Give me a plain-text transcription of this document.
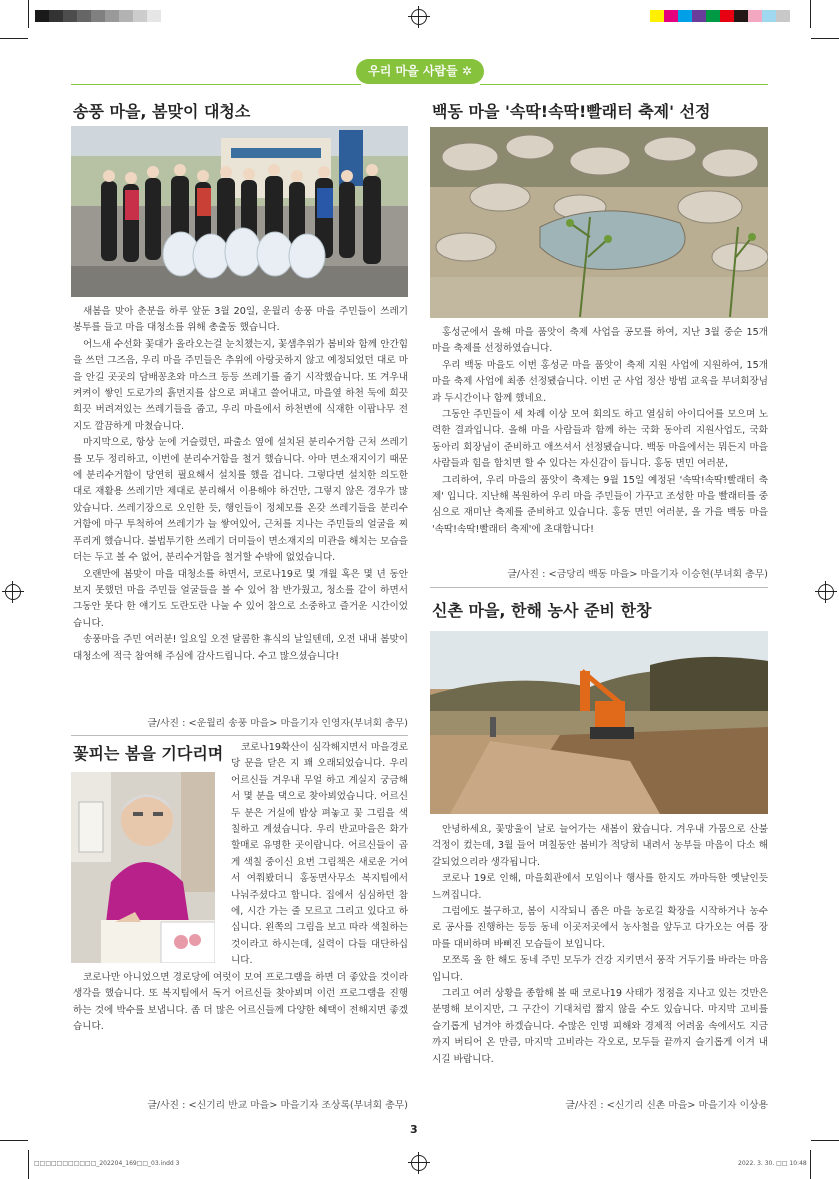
우리 마을 사람들 ✲
송풍 마을, 봄맞이 대청소

새봄을 맞아 춘분을 하루 앞둔 3월 20일, 운월리 송풍 마을 주민들이 쓰레기 봉투를 들고 마을 대청소를 위해 총출동 했습니다.

어느새 수선화 꽃대가 올라오는걸 눈치챘는지, 꽃샘추위가 봄비와 함께 안간힘을 쓰던 그즈음, 우리 마을 주민들은 추위에 아랑곳하지 않고 예정되었던 대로 마을 안길 곳곳의 담배꽁초와 마스크 등등 쓰레기를 줍기 시작했습니다. 또 겨우내 켜켜이 쌓인 도로가의 흙먼지를 삽으로 퍼내고 쓸어내고, 마을옆 하천 둑에 희끗희끗 버려져있는 쓰레기들을 줍고, 우리 마을에서 하천변에 식재한 이팝나무 전지도 깔끔하게 마쳤습니다.

마지막으로, 항상 눈에 거슬렸던, 파출소 옆에 설치된 분리수거함 근처 쓰레기를 모두 정리하고, 이번에 분리수거함을 철거 했습니다. 아마 면소재지이기 때문에 분리수거함이 당연히 필요해서 설치를 했을 겁니다. 그렇다면 설치한 의도한 대로 재활용 쓰레기만 제대로 분리해서 이용해야 하건만, 그렇지 않은 경우가 많았습니다. 쓰레기장으로 오인한 듯, 행인들이 정체모를 온갖 쓰레기들을 분리수거함에 마구 투척하여 쓰레기가 늘 쌓여있어, 근처를 지나는 주민들의 얼굴을 찌푸리게 했습니다. 불법투기한 쓰레기 더미들이 면소재지의 미관을 해치는 모습을 더는 두고 볼 수 없어, 분리수거함을 철거할 수밖에 없었습니다.

오랜만에 봄맞이 마을 대청소를 하면서, 코로나19로 몇 개월 혹은 몇 년 동안 보지 못했던 마을 주민들 얼굴들을 볼 수 있어 참 반가웠고, 청소를 같이 하면서 그동안 못다 한 얘기도 도란도란 나눌 수 있어 참으로 소중하고 즐거운 시간이었습니다.

송풍마을 주민 여러분! 일요일 오전 달콤한 휴식의 날일텐데, 오전 내내 봄맞이 대청소에 적극 참여해 주심에 감사드립니다. 수고 많으셨습니다!

글/사진 : <운월리 송풍 마을> 마을기자 인영자(부녀회 총무)
꽃피는 봄을 기다리며	코로나19확산이 심각해지면서 마을경로당 문을 닫은 지 꽤 오래되었습니다. 우리 어르신들 겨우내 무얼 하고 계실지 궁금해서 몇 분을 댁으로 찾아뵈었습니다. 어르신 두 분은 거실에 밥상 펴놓고 꽃 그림을 색칠하고 계셨습니다. 우리 반교마을은 화가 할매로 유명한 곳이랍니다. 어르신들이 곱게 색칠 중이신 요번 그림책은 새로운 거여서 여쭤봤더니 홍동면사무소 복지팀에서 나눠주셨다고 합니다. 집에서 심심하던 참에, 시간 가는 줄 모르고 그리고 있다고 하십니다. 왼쪽의 그림을 보고 따라 색칠하는 것이라고 하시는데, 실력이 다들 대단하십니다.

코로나만 아니었으면 경로당에 여럿이 모여 프로그램을 하면 더 좋았을 것이라 생각을 했습니다. 또 복지팀에서 독거 어르신들 찾아뵈며 이런 프로그램을 진행하는 것에 박수를 보냅니다. 좀 더 많은 어르신들께 다양한 혜택이 전해지면 좋겠습니다.

글/사진 : <신기리 반교 마을> 마을기자 조상록(부녀회 총무)
백동 마을 '속딱!속딱!빨래터 축제' 선정

홍성군에서 올해 마을 품앗이 축제 사업을 공모를 하여, 지난 3월 중순 15개 마을 축제를 선정하였습니다.

우리 백동 마을도 이번 홍성군 마을 품앗이 축제 지원 사업에 지원하여, 15개 마을 축제 사업에 최종 선정됐습니다. 이번 군 사업 정산 방법 교육을 부녀회장님과 두시간이나 함께 했네요.

그동안 주민들이 세 차례 이상 모여 회의도 하고 열심히 아이디어를 모으며 노력한 결과입니다. 올해 마을 사람들과 함께 하는 국화 동아리 지원사업도, 국화 동아리 회장님이 준비하고 애쓰셔서 선정됐습니다. 백동 마을에서는 뭐든지 마을 사람들과 힘을 합치면 할 수 있다는 자신감이 듭니다. 홍동 면민 여러분,

그리하여, 우리 마을의 품앗이 축제는 9월 15일 예정된 '속딱!속딱!빨래터 축제' 입니다. 지난해 복원하여 우리 마을 주민들이 가꾸고 조성한 마을 빨래터를 중심으로 재미난 축제를 준비하고 있습니다. 홍동 면민 여러분, 올 가을 백동 마을 '속딱!속딱!빨래터 축제'에 초대합니다!

글/사진 : <금당리 백동 마을> 마을기자 이승현(부녀회 총무)
신촌 마을, 한해 농사 준비 한창

안녕하세요, 꽃망울이 날로 늘어가는 새봄이 왔습니다. 겨우내 가뭄으로 산불걱정이 컸는데, 3월 들어 며칠동안 봄비가 적당히 내려서 농부들 마음이 다소 해갈되었으리라 생각됩니다.

코로나 19로 인해, 마을회관에서 모임이나 행사를 한지도 까마득한 옛날인듯 느껴집니다.

그럼에도 불구하고, 봄이 시작되니 좁은 마을 농로길 확장을 시작하거나 농수로 공사를 진행하는 등등 동네 이곳저곳에서 농사철을 앞두고 다가오는 여름 장마를 대비하며 바삐진 모습들이 보입니다.

모쪼록 올 한 해도 동네 주민 모두가 건강 지키면서 풍작 거두기를 바라는 마음입니다.

그리고 여러 상황을 종합해 볼 때 코로나19 사태가 정점을 지나고 있는 것만은 분명해 보이지만, 그 구간이 기대처럼 짧지 않을 수도 있습니다. 마지막 고비를 슬기롭게 넘겨야 하겠습니다. 수많은 인명 피해와 경제적 어려움 속에서도 지금까지 버티어 온 만큼, 마지막 고비라는 각오로, 모두들 끝까지 슬기롭게 이겨 내시길 바랍니다.

글/사진 : <신기리 신촌 마을> 마을기자 이상용
3
□□□□□□□□□□□_202204_169□□_03.indd 3	2022. 3. 30. □□ 10:48
